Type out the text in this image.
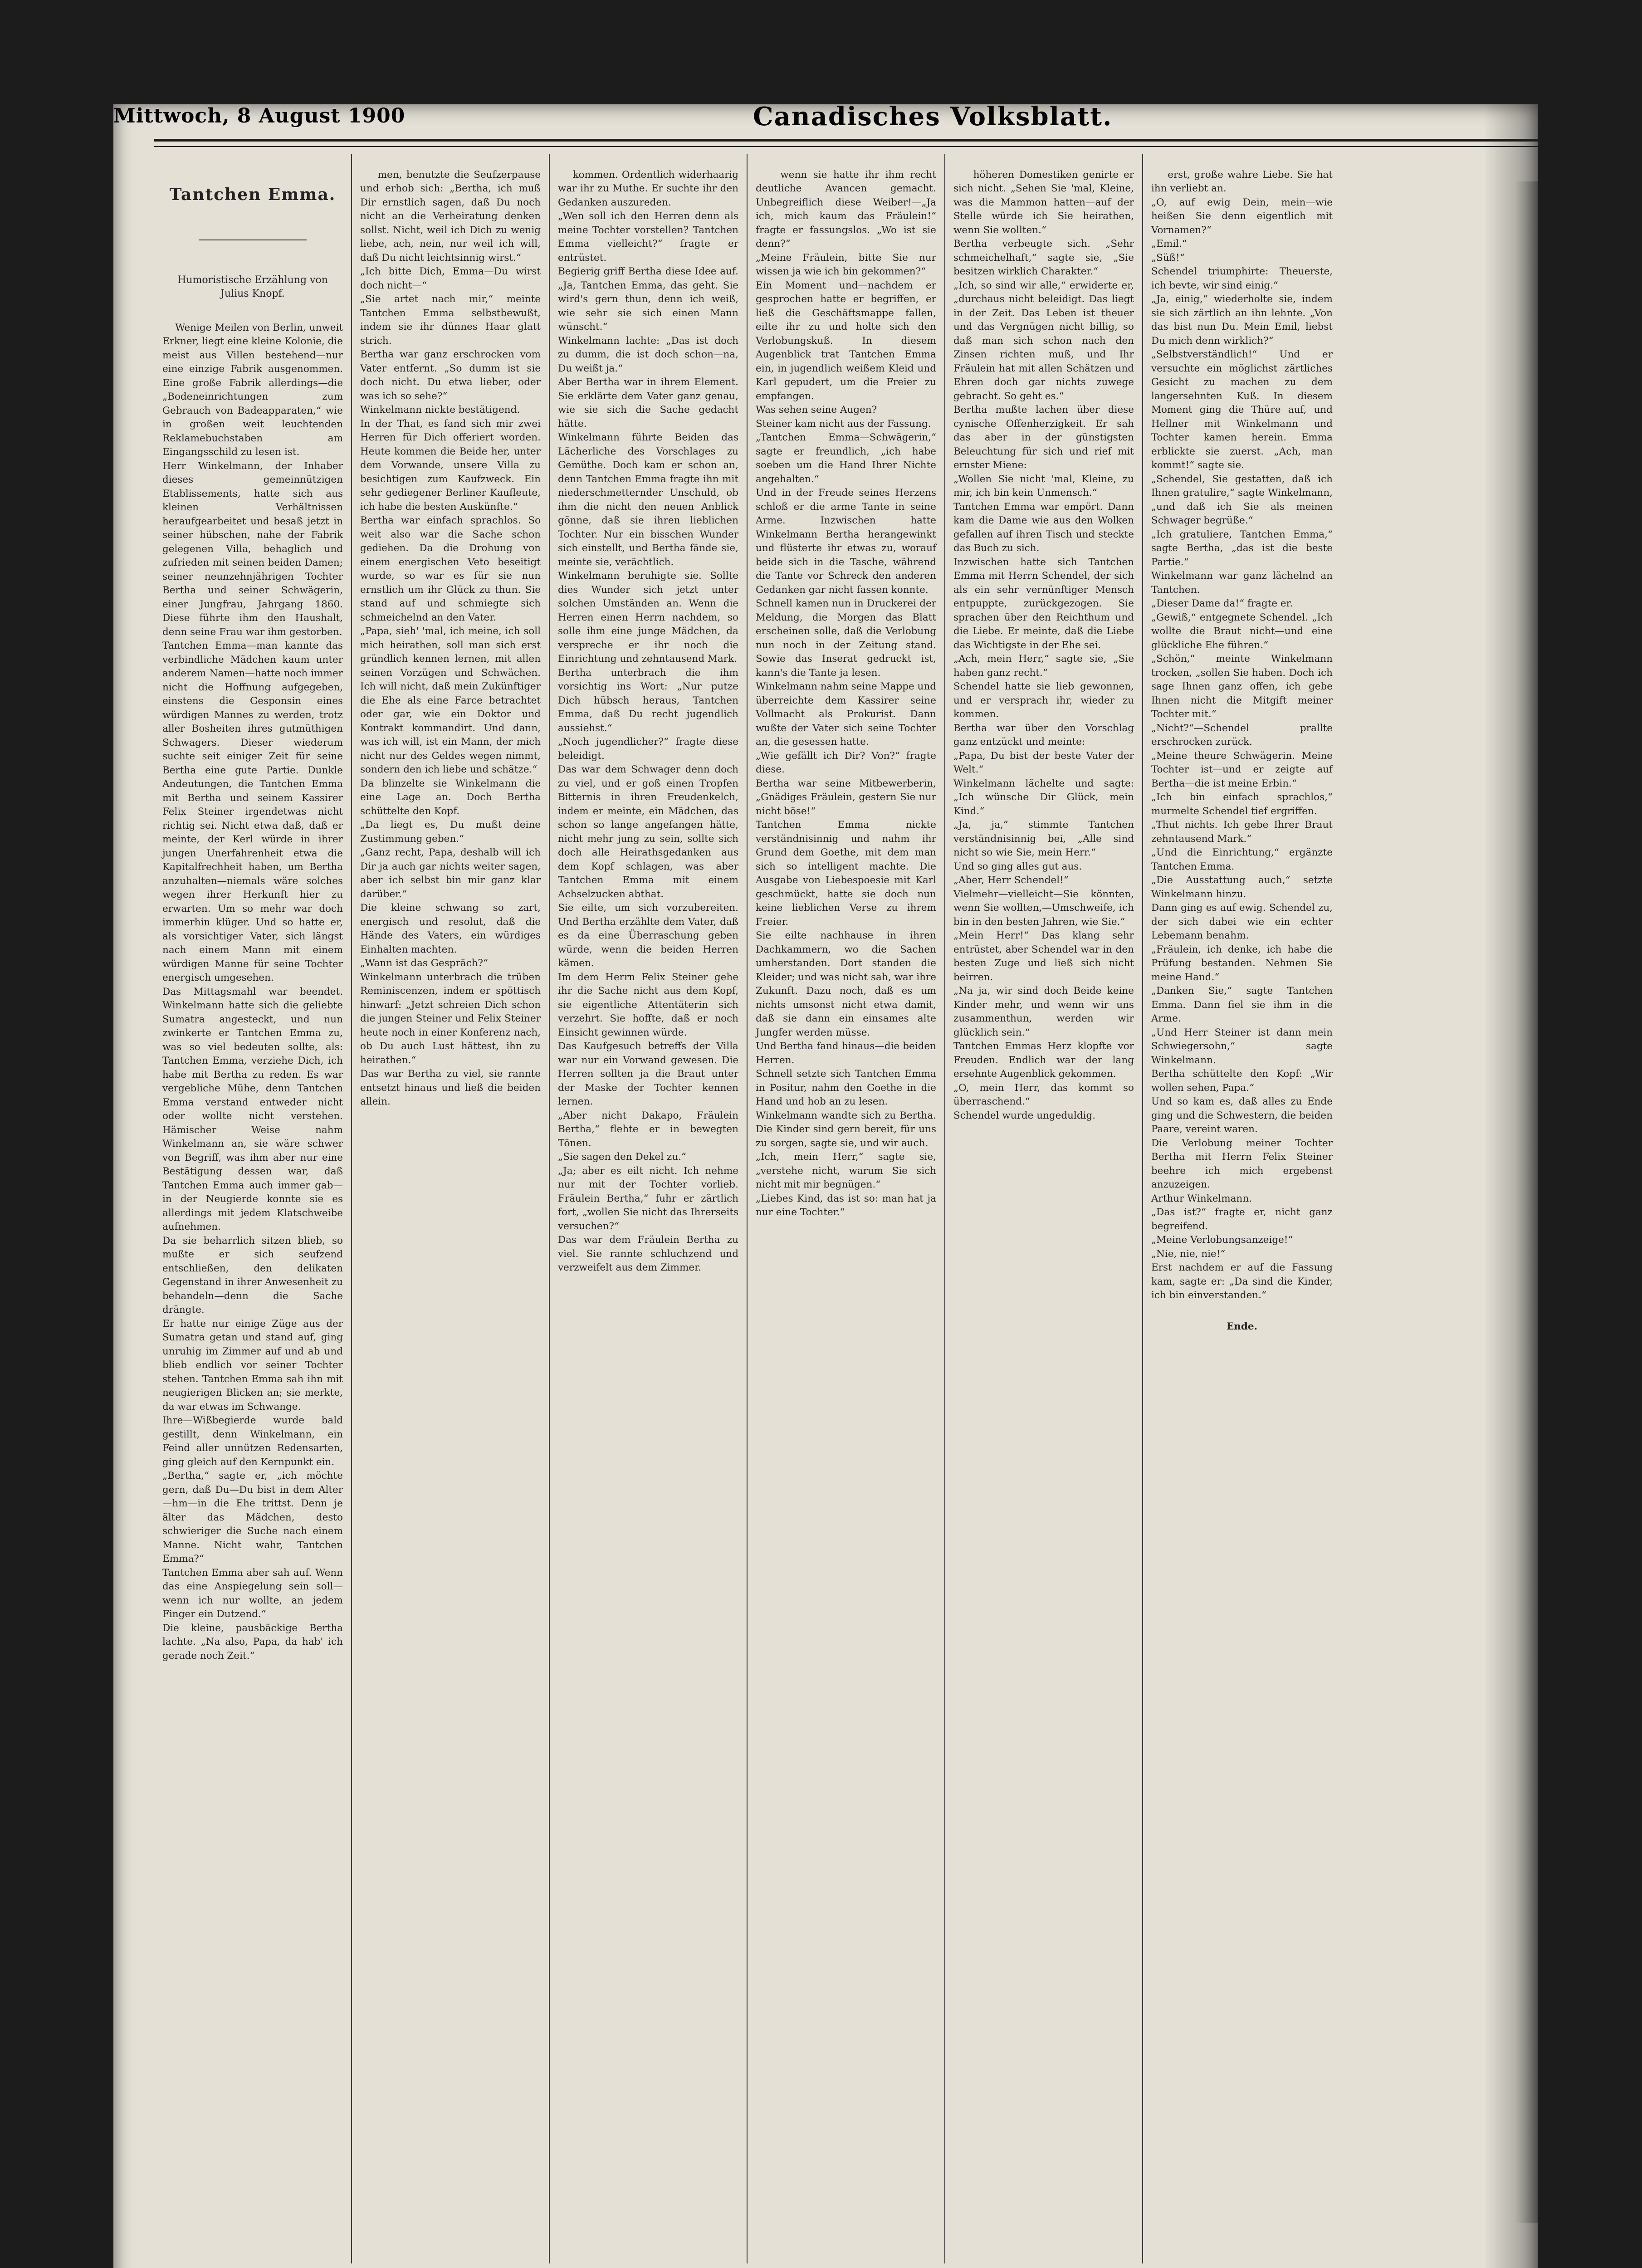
Mittwoch, 8 August 1900	Canadisches Volksblatt.

Tantchen Emma.

Humoristische Erzählung von Julius Knopf.

Wenige Meilen von Berlin, unweit Erkner, liegt eine kleine Kolonie, die meist aus Villen bestehend—nur eine einzige Fabrik ausgenommen. Eine große Fabrik allerdings—die „Bodeneinrichtungen zum Gebrauch von Badeapparaten,“ wie in großen weit leuchtenden Reklamebuchstaben am Eingangsschild zu lesen ist.
Herr Winkelmann, der Inhaber dieses gemeinnützigen Etablissements, hatte sich aus kleinen Verhältnissen heraufgearbeitet und besaß jetzt in seiner hübschen, nahe der Fabrik gelegenen Villa, behaglich und zufrieden mit seinen beiden Damen; seiner neunzehnjährigen Tochter Bertha und seiner Schwägerin, einer Jungfrau, Jahrgang 1860. Diese führte ihm den Haushalt, denn seine Frau war ihm gestorben.
Tantchen Emma—man kannte das verbindliche Mädchen kaum unter anderem Namen—hatte noch immer nicht die Hoffnung aufgegeben, einstens die Gesponsin eines würdigen Mannes zu werden, trotz aller Bosheiten ihres gutmüthigen Schwagers. Dieser wiederum suchte seit einiger Zeit für seine Bertha eine gute Partie. Dunkle Andeutungen, die Tantchen Emma mit Bertha und seinem Kassirer Felix Steiner irgendetwas nicht richtig sei. Nicht etwa daß, daß er meinte, der Kerl würde in ihrer jungen Unerfahrenheit etwa die Kapitalfrechheit haben, um Bertha anzuhalten—niemals wäre solches wegen ihrer Herkunft hier zu erwarten. Um so mehr war doch immerhin klüger. Und so hatte er, als vorsichtiger Vater, sich längst nach einem Mann mit einem würdigen Manne für seine Tochter energisch umgesehen.
Das Mittagsmahl war beendet. Winkelmann hatte sich die geliebte Sumatra angesteckt, und nun zwinkerte er Tantchen Emma zu, was so viel bedeuten sollte, als: Tantchen Emma, verziehe Dich, ich habe mit Bertha zu reden. Es war vergebliche Mühe, denn Tantchen Emma verstand entweder nicht oder wollte nicht verstehen. Hämischer Weise nahm Winkelmann an, sie wäre schwer von Begriff, was ihm aber nur eine Bestätigung dessen war, daß Tantchen Emma auch immer gab—in der Neugierde konnte sie es allerdings mit jedem Klatschweibe aufnehmen.
Da sie beharrlich sitzen blieb, so mußte er sich seufzend entschließen, den delikaten Gegenstand in ihrer Anwesenheit zu behandeln—denn die Sache drängte.
Er hatte nur einige Züge aus der Sumatra getan und stand auf, ging unruhig im Zimmer auf und ab und blieb endlich vor seiner Tochter stehen. Tantchen Emma sah ihn mit neugierigen Blicken an; sie merkte, da war etwas im Schwange.
Ihre—Wißbegierde wurde bald gestillt, denn Winkelmann, ein Feind aller unnützen Redensarten, ging gleich auf den Kernpunkt ein.
„Bertha,“ sagte er, „ich möchte gern, daß Du—Du bist in dem Alter—hm—in die Ehe trittst. Denn je älter das Mädchen, desto schwieriger die Suche nach einem Manne. Nicht wahr, Tantchen Emma?“
Tantchen Emma aber sah auf. Wenn das eine Anspiegelung sein soll—wenn ich nur wollte, an jedem Finger ein Dutzend.“
Die kleine, pausbäckige Bertha lachte. „Na also, Papa, da hab' ich gerade noch Zeit.“

men, benutzte die Seufzerpause und erhob sich: „Bertha, ich muß Dir ernstlich sagen, daß Du noch nicht an die Verheiratung denken sollst. Nicht, weil ich Dich zu wenig liebe, ach, nein, nur weil ich will, daß Du nicht leichtsinnig wirst.“
„Ich bitte Dich, Emma—Du wirst doch nicht—“
„Sie artet nach mir,“ meinte Tantchen Emma selbstbewußt, indem sie ihr dünnes Haar glatt strich.
Bertha war ganz erschrocken vom Vater entfernt. „So dumm ist sie doch nicht. Du etwa lieber, oder was ich so sehe?“
Winkelmann nickte bestätigend.
In der That, es fand sich mir zwei Herren für Dich offeriert worden. Heute kommen die Beide her, unter dem Vorwande, unsere Villa zu besichtigen zum Kaufzweck. Ein sehr gediegener Berliner Kaufleute, ich habe die besten Auskünfte.“
Bertha war einfach sprachlos. So weit also war die Sache schon gediehen. Da die Drohung von einem energischen Veto beseitigt wurde, so war es für sie nun ernstlich um ihr Glück zu thun. Sie stand auf und schmiegte sich schmeichelnd an den Vater.
„Papa, sieh' 'mal, ich meine, ich soll mich heirathen, soll man sich erst gründlich kennen lernen, mit allen seinen Vorzügen und Schwächen. Ich will nicht, daß mein Zukünftiger die Ehe als eine Farce betrachtet oder gar, wie ein Doktor und Kontrakt kommandirt. Und dann, was ich will, ist ein Mann, der mich nicht nur des Geldes wegen nimmt, sondern den ich liebe und schätze.“
Da blinzelte sie Winkelmann die eine Lage an. Doch Bertha schüttelte den Kopf.
„Da liegt es, Du mußt deine Zustimmung geben.“
„Ganz recht, Papa, deshalb will ich Dir ja auch gar nichts weiter sagen, aber ich selbst bin mir ganz klar darüber.“
Die kleine schwang so zart, energisch und resolut, daß die Hände des Vaters, ein würdiges Einhalten machten.
„Wann ist das Gespräch?“
Winkelmann unterbrach die trüben Reminiscenzen, indem er spöttisch hinwarf: „Jetzt schreien Dich schon die jungen Steiner und Felix Steiner heute noch in einer Konferenz nach, ob Du auch Lust hättest, ihn zu heirathen.“
Das war Bertha zu viel, sie rannte entsetzt hinaus und ließ die beiden allein.

kommen. Ordentlich widerhaarig war ihr zu Muthe. Er suchte ihr den Gedanken auszureden.
„Wen soll ich den Herren denn als meine Tochter vorstellen? Tantchen Emma vielleicht?“ fragte er entrüstet.
Begierig griff Bertha diese Idee auf. „Ja, Tantchen Emma, das geht. Sie wird's gern thun, denn ich weiß, wie sehr sie sich einen Mann wünscht.“
Winkelmann lachte: „Das ist doch zu dumm, die ist doch schon—na, Du weißt ja.“
Aber Bertha war in ihrem Element. Sie erklärte dem Vater ganz genau, wie sie sich die Sache gedacht hätte.
Winkelmann führte Beiden das Lächerliche des Vorschlages zu Gemüthe. Doch kam er schon an, denn Tantchen Emma fragte ihn mit niederschmetternder Unschuld, ob ihm die nicht den neuen Anblick gönne, daß sie ihren lieblichen Tochter. Nur ein bisschen Wunder sich einstellt, und Bertha fände sie, meinte sie, verächtlich.
Winkelmann beruhigte sie. Sollte dies Wunder sich jetzt unter solchen Umständen an. Wenn die Herren einen Herrn nachdem, so solle ihm eine junge Mädchen, da verspreche er ihr noch die Einrichtung und zehntausend Mark.
Bertha unterbrach die ihm vorsichtig ins Wort: „Nur putze Dich hübsch heraus, Tantchen Emma, daß Du recht jugendlich aussiehst.“
„Noch jugendlicher?“ fragte diese beleidigt.
Das war dem Schwager denn doch zu viel, und er goß einen Tropfen Bitternis in ihren Freudenkelch, indem er meinte, ein Mädchen, das schon so lange angefangen hätte, nicht mehr jung zu sein, sollte sich doch alle Heirathsgedanken aus dem Kopf schlagen, was aber Tantchen Emma mit einem Achselzucken abthat.
Sie eilte, um sich vorzubereiten. Und Bertha erzählte dem Vater, daß es da eine Überraschung geben würde, wenn die beiden Herren kämen.
Im dem Herrn Felix Steiner gehe ihr die Sache nicht aus dem Kopf, sie eigentliche Attentäterin sich verzehrt. Sie hoffte, daß er noch Einsicht gewinnen würde.
Das Kaufgesuch betreffs der Villa war nur ein Vorwand gewesen. Die Herren sollten ja die Braut unter der Maske der Tochter kennen lernen.
„Aber nicht Dakapo, Fräulein Bertha,“ flehte er in bewegten Tönen.
„Sie sagen den Dekel zu.“
„Ja; aber es eilt nicht. Ich nehme nur mit der Tochter vorlieb. Fräulein Bertha,“ fuhr er zärtlich fort, „wollen Sie nicht das Ihrerseits versuchen?“
Das war dem Fräulein Bertha zu viel. Sie rannte schluchzend und verzweifelt aus dem Zimmer.

wenn sie hatte ihr ihm recht deutliche Avancen gemacht. Unbegreiflich diese Weiber!—„Ja ich, mich kaum das Fräulein!“ fragte er fassungslos. „Wo ist sie denn?“
„Meine Fräulein, bitte Sie nur wissen ja wie ich bin gekommen?“
Ein Moment und—nachdem er gesprochen hatte er begriffen, er ließ die Geschäftsmappe fallen, eilte ihr zu und holte sich den Verlobungskuß. In diesem Augenblick trat Tantchen Emma ein, in jugendlich weißem Kleid und Karl gepudert, um die Freier zu empfangen.
Was sehen seine Augen?
Steiner kam nicht aus der Fassung.
„Tantchen Emma—Schwägerin,“ sagte er freundlich, „ich habe soeben um die Hand Ihrer Nichte angehalten.“
Und in der Freude seines Herzens schloß er die arme Tante in seine Arme. Inzwischen hatte Winkelmann Bertha herangewinkt und flüsterte ihr etwas zu, worauf beide sich in die Tasche, während die Tante vor Schreck den anderen Gedanken gar nicht fassen konnte.
Schnell kamen nun in Druckerei der Meldung, die Morgen das Blatt erscheinen solle, daß die Verlobung nun noch in der Zeitung stand. Sowie das Inserat gedruckt ist, kann's die Tante ja lesen.
Winkelmann nahm seine Mappe und überreichte dem Kassirer seine Vollmacht als Prokurist. Dann wußte der Vater sich seine Tochter an, die gesessen hatte.
„Wie gefällt ich Dir? Von?“ fragte diese.
Bertha war seine Mitbewerberin, „Gnädiges Fräulein, gestern Sie nur nicht böse!“
Tantchen Emma nickte verständnisinnig und nahm ihr Grund dem Goethe, mit dem man sich so intelligent machte. Die Ausgabe von Liebespoesie mit Karl geschmückt, hatte sie doch nun keine lieblichen Verse zu ihrem Freier.
Sie eilte nachhause in ihren Dachkammern, wo die Sachen umherstanden. Dort standen die Kleider; und was nicht sah, war ihre Zukunft. Dazu noch, daß es um nichts umsonst nicht etwa damit, daß sie dann ein einsames alte Jungfer werden müsse.
Und Bertha fand hinaus—die beiden Herren.
Schnell setzte sich Tantchen Emma in Positur, nahm den Goethe in die Hand und hob an zu lesen.
Winkelmann wandte sich zu Bertha. Die Kinder sind gern bereit, für uns zu sorgen, sagte sie, und wir auch.
„Ich, mein Herr,“ sagte sie, „verstehe nicht, warum Sie sich nicht mit mir begnügen.“
„Liebes Kind, das ist so: man hat ja nur eine Tochter.“

höheren Domestiken genirte er sich nicht. „Sehen Sie 'mal, Kleine, was die Mammon hatten—auf der Stelle würde ich Sie heirathen, wenn Sie wollten.“
Bertha verbeugte sich. „Sehr schmeichelhaft,“ sagte sie, „Sie besitzen wirklich Charakter.“
„Ich, so sind wir alle,“ erwiderte er, „durchaus nicht beleidigt. Das liegt in der Zeit. Das Leben ist theuer und das Vergnügen nicht billig, so daß man sich schon nach den Zinsen richten muß, und Ihr Fräulein hat mit allen Schätzen und Ehren doch gar nichts zuwege gebracht. So geht es.“
Bertha mußte lachen über diese cynische Offenherzigkeit. Er sah das aber in der günstigsten Beleuchtung für sich und rief mit ernster Miene:
„Wollen Sie nicht 'mal, Kleine, zu mir, ich bin kein Unmensch.“
Tantchen Emma war empört. Dann kam die Dame wie aus den Wolken gefallen auf ihren Tisch und steckte das Buch zu sich.
Inzwischen hatte sich Tantchen Emma mit Herrn Schendel, der sich als ein sehr vernünftiger Mensch entpuppte, zurückgezogen. Sie sprachen über den Reichthum und die Liebe. Er meinte, daß die Liebe das Wichtigste in der Ehe sei.
„Ach, mein Herr,“ sagte sie, „Sie haben ganz recht.“
Schendel hatte sie lieb gewonnen, und er versprach ihr, wieder zu kommen.
Bertha war über den Vorschlag ganz entzückt und meinte:
„Papa, Du bist der beste Vater der Welt.“
Winkelmann lächelte und sagte: „Ich wünsche Dir Glück, mein Kind.“
„Ja, ja,“ stimmte Tantchen verständnisinnig bei, „Alle sind nicht so wie Sie, mein Herr.“
Und so ging alles gut aus.
„Aber, Herr Schendel!“
Vielmehr—vielleicht—Sie könnten, wenn Sie wollten,—Umschweife, ich bin in den besten Jahren, wie Sie.“
„Mein Herr!“ Das klang sehr entrüstet, aber Schendel war in den besten Zuge und ließ sich nicht beirren.
„Na ja, wir sind doch Beide keine Kinder mehr, und wenn wir uns zusammenthun, werden wir glücklich sein.“
Tantchen Emmas Herz klopfte vor Freuden. Endlich war der lang ersehnte Augenblick gekommen.
„O, mein Herr, das kommt so überraschend.“
Schendel wurde ungeduldig.

erst, große wahre Liebe. Sie hat ihn verliebt an.
„O, auf ewig Dein, mein—wie heißen Sie denn eigentlich mit Vornamen?“
„Emil.“
„Süß!“
Schendel triumphirte: Theuerste, ich bevte, wir sind einig.“
„Ja, einig,“ wiederholte sie, indem sie sich zärtlich an ihn lehnte. „Von das bist nun Du. Mein Emil, liebst Du mich denn wirklich?“
„Selbstverständlich!“ Und er versuchte ein möglichst zärtliches Gesicht zu machen zu dem langersehnten Kuß. In diesem Moment ging die Thüre auf, und Hellner mit Winkelmann und Tochter kamen herein. Emma erblickte sie zuerst. „Ach, man kommt!“ sagte sie.
„Schendel, Sie gestatten, daß ich Ihnen gratulire,“ sagte Winkelmann, „und daß ich Sie als meinen Schwager begrüße.“
„Ich gratuliere, Tantchen Emma,“ sagte Bertha, „das ist die beste Partie.“
Winkelmann war ganz lächelnd an Tantchen.
„Dieser Dame da!“ fragte er.
„Gewiß,“ entgegnete Schendel. „Ich wollte die Braut nicht—und eine glückliche Ehe führen.“
„Schön,“ meinte Winkelmann trocken, „sollen Sie haben. Doch ich sage Ihnen ganz offen, ich gebe Ihnen nicht die Mitgift meiner Tochter mit.“
„Nicht?“—Schendel prallte erschrocken zurück.
„Meine theure Schwägerin. Meine Tochter ist—und er zeigte auf Bertha—die ist meine Erbin.“
„Ich bin einfach sprachlos,“ murmelte Schendel tief ergriffen.
„Thut nichts. Ich gebe Ihrer Braut zehntausend Mark.“
„Und die Einrichtung,“ ergänzte Tantchen Emma.
„Die Ausstattung auch,“ setzte Winkelmann hinzu.
Dann ging es auf ewig. Schendel zu, der sich dabei wie ein echter Lebemann benahm.
„Fräulein, ich denke, ich habe die Prüfung bestanden. Nehmen Sie meine Hand.“
„Danken Sie,“ sagte Tantchen Emma. Dann fiel sie ihm in die Arme.
„Und Herr Steiner ist dann mein Schwiegersohn,“ sagte Winkelmann.
Bertha schüttelte den Kopf: „Wir wollen sehen, Papa.“
Und so kam es, daß alles zu Ende ging und die Schwestern, die beiden Paare, vereint waren.
Die Verlobung meiner Tochter Bertha mit Herrn Felix Steiner beehre ich mich ergebenst anzuzeigen.
Arthur Winkelmann.
„Das ist?“ fragte er, nicht ganz begreifend.
„Meine Verlobungsanzeige!“
„Nie, nie, nie!“
Erst nachdem er auf die Fassung kam, sagte er: „Da sind die Kinder, ich bin einverstanden.“

Ende.
